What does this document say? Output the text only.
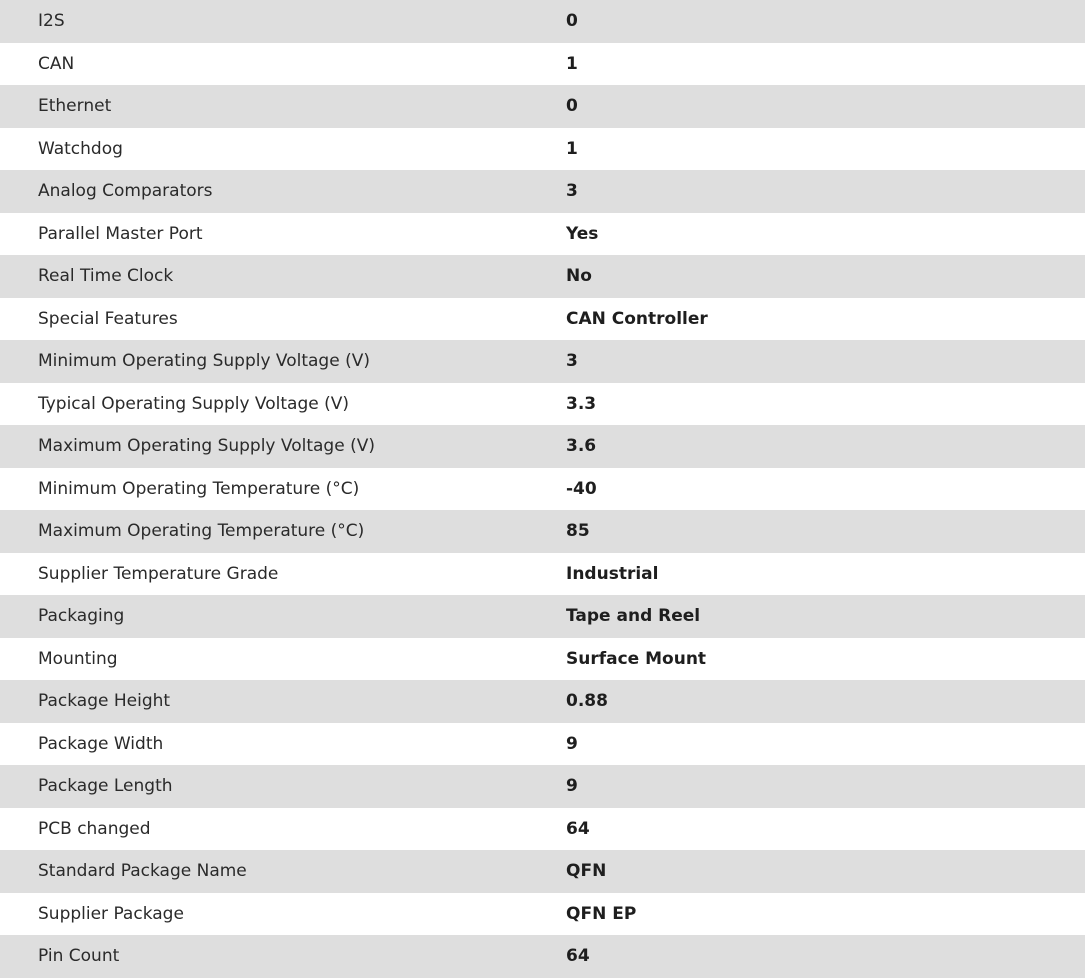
I2S	0
CAN	1
Ethernet	0
Watchdog	1
Analog Comparators	3
Parallel Master Port	Yes
Real Time Clock	No
Special Features	CAN Controller
Minimum Operating Supply Voltage (V)	3
Typical Operating Supply Voltage (V)	3.3
Maximum Operating Supply Voltage (V)	3.6
Minimum Operating Temperature (°C)	-40
Maximum Operating Temperature (°C)	85
Supplier Temperature Grade	Industrial
Packaging	Tape and Reel
Mounting	Surface Mount
Package Height	0.88
Package Width	9
Package Length	9
PCB changed	64
Standard Package Name	QFN
Supplier Package	QFN EP
Pin Count	64
